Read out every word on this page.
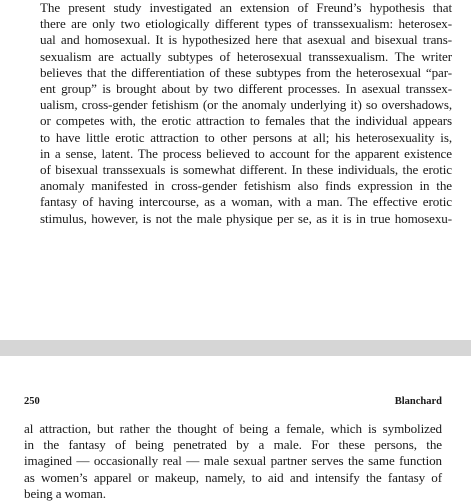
The present study investigated an extension of Freund’s hypothesis that
there are only two etiologically different types of transsexualism: heterosex-
ual and homosexual. It is hypothesized here that asexual and bisexual trans-
sexualism are actually subtypes of heterosexual transsexualism. The writer
believes that the differentiation of these subtypes from the heterosexual “par-
ent group” is brought about by two different processes. In asexual transsex-
ualism, cross-gender fetishism (or the anomaly underlying it) so overshadows,
or competes with, the erotic attraction to females that the individual appears
to have little erotic attraction to other persons at all; his heterosexuality is,
in a sense, latent. The process believed to account for the apparent existence
of bisexual transsexuals is somewhat different. In these individuals, the erotic
anomaly manifested in cross-gender fetishism also finds expression in the
fantasy of having intercourse, as a woman, with a man. The effective erotic
stimulus, however, is not the male physique per se, as it is in true homosexu-

250	Blanchard

al attraction, but rather the thought of being a female, which is symbolized
in the fantasy of being penetrated by a male. For these persons, the
imagined — occasionally real — male sexual partner serves the same function
as women’s apparel or makeup, namely, to aid and intensify the fantasy of
being a woman.
